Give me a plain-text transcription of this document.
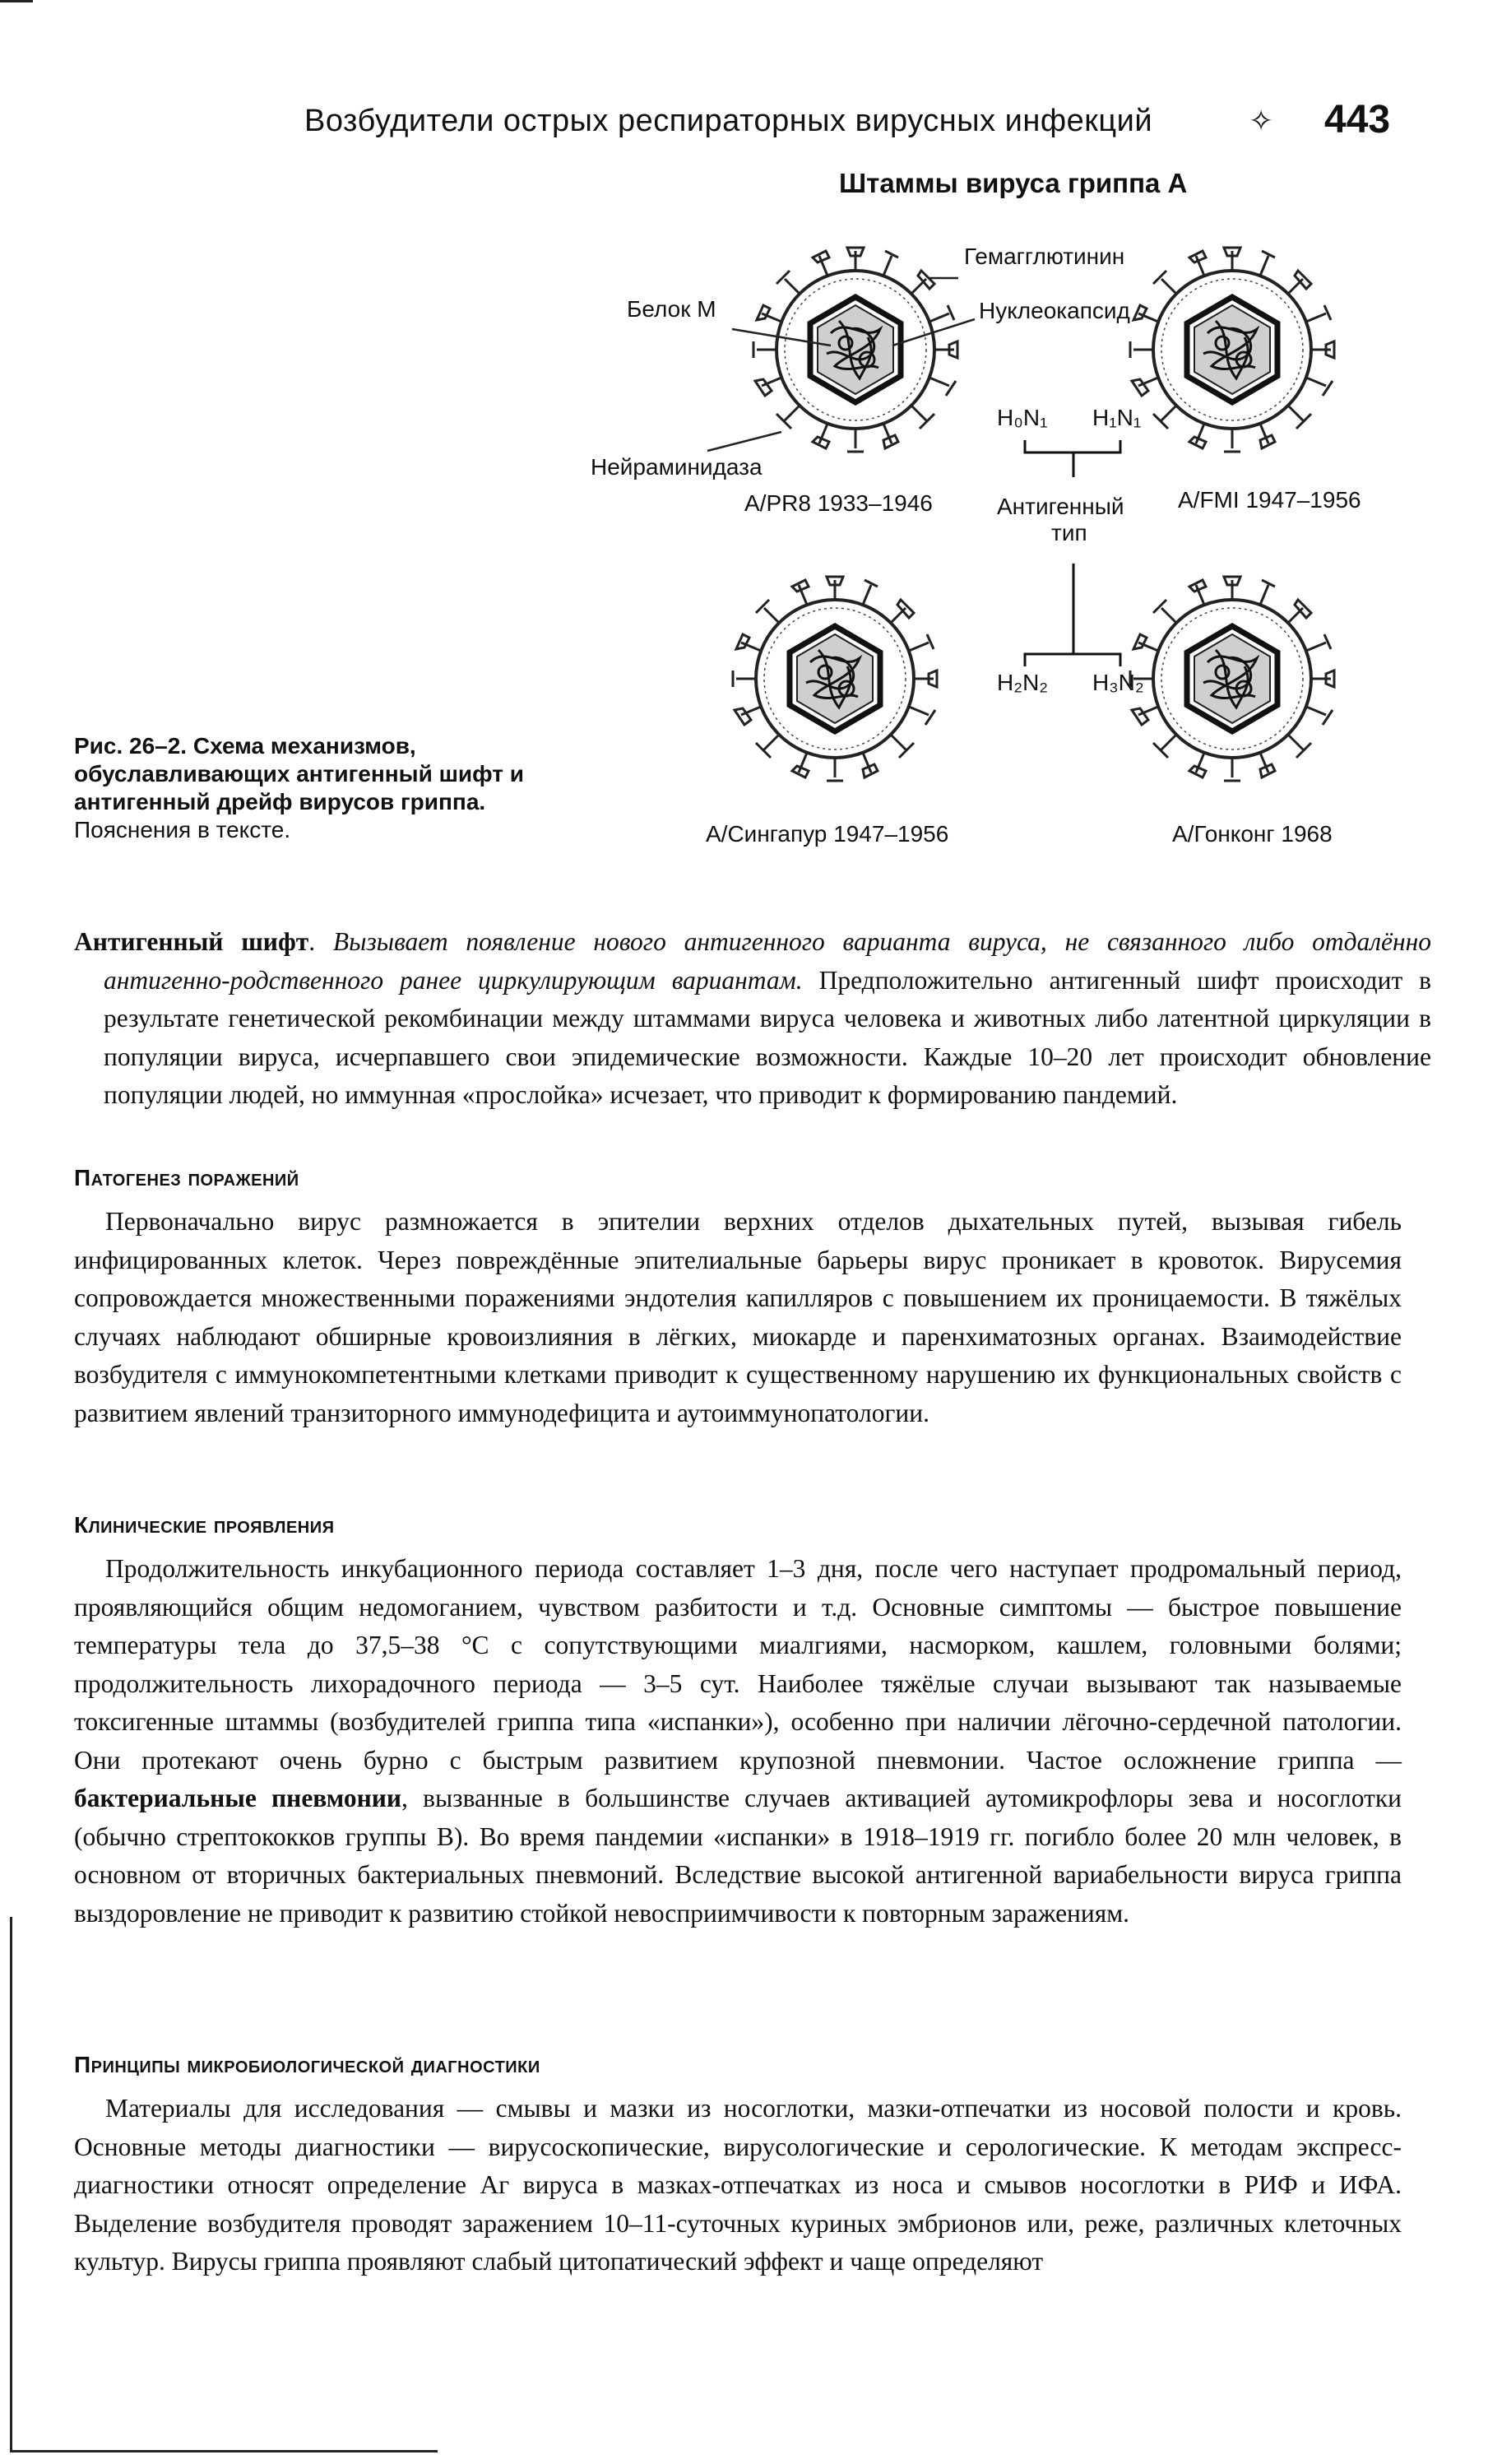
Возбудители острых респираторных вирусных инфекций	✧ 443
Штаммы вируса гриппа А
Гемагглютинин
Белок М	Нуклеокапсид
Нейраминидаза
H₀N₁ H₁N₁
H₂N₂ H₃N₂
Антигенный
тип
А/PR8 1933–1946	А/FMI 1947–1956
А/Сингапур 1947–1956	А/Гонконг 1968
Рис. 26–2. Схема механизмов, обуславливающих антигенный шифт и антигенный дрейф вирусов гриппа. Пояснения в тексте.
Антигенный шифт. Вызывает появление нового антигенного варианта вируса, не связанного либо отдалённо антигенно-родственного ранее циркулирующим вариантам. Предположительно антигенный шифт происходит в результате генетической рекомбинации между штаммами вируса человека и животных либо латентной циркуляции в популяции вируса, исчерпавшего свои эпидемические возможности. Каждые 10–20 лет происходит обновление популяции людей, но иммунная «прослойка» исчезает, что приводит к формированию пандемий.
Патогенез поражений
Первоначально вирус размножается в эпителии верхних отделов дыхательных путей, вызывая гибель инфицированных клеток. Через повреждённые эпителиальные барьеры вирус проникает в кровоток. Вирусемия сопровождается множественными поражениями эндотелия капилляров с повышением их проницаемости. В тяжёлых случаях наблюдают обширные кровоизлияния в лёгких, миокарде и паренхиматозных органах. Взаимодействие возбудителя с иммунокомпетентными клетками приводит к существенному нарушению их функциональных свойств с развитием явлений транзиторного иммунодефицита и аутоиммунопатологии.
Клинические проявления
Продолжительность инкубационного периода составляет 1–3 дня, после чего наступает продромальный период, проявляющийся общим недомоганием, чувством разбитости и т.д. Основные симптомы — быстрое повышение температуры тела до 37,5–38 °С с сопутствующими миалгиями, насморком, кашлем, головными болями; продолжительность лихорадочного периода — 3–5 сут. Наиболее тяжёлые случаи вызывают так называемые токсигенные штаммы (возбудителей гриппа типа «испанки»), особенно при наличии лёгочно-сердечной патологии. Они протекают очень бурно с быстрым развитием крупозной пневмонии. Частое осложнение гриппа — бактериальные пневмонии, вызванные в большинстве случаев активацией аутомикрофлоры зева и носоглотки (обычно стрептококков группы В). Во время пандемии «испанки» в 1918–1919 гг. погибло более 20 млн человек, в основном от вторичных бактериальных пневмоний. Вследствие высокой антигенной вариабельности вируса гриппа выздоровление не приводит к развитию стойкой невосприимчивости к повторным заражениям.
Принципы микробиологической диагностики
Материалы для исследования — смывы и мазки из носоглотки, мазки-отпечатки из носовой полости и кровь. Основные методы диагностики — вирусоскопические, вирусологические и серологические. К методам экспресс-диагностики относят определение Аг вируса в мазках-отпечатках из носа и смывов носоглотки в РИФ и ИФА. Выделение возбудителя проводят заражением 10–11-суточных куриных эмбрионов или, реже, различных клеточных культур. Вирусы гриппа проявляют слабый цитопатический эффект и чаще определяют
